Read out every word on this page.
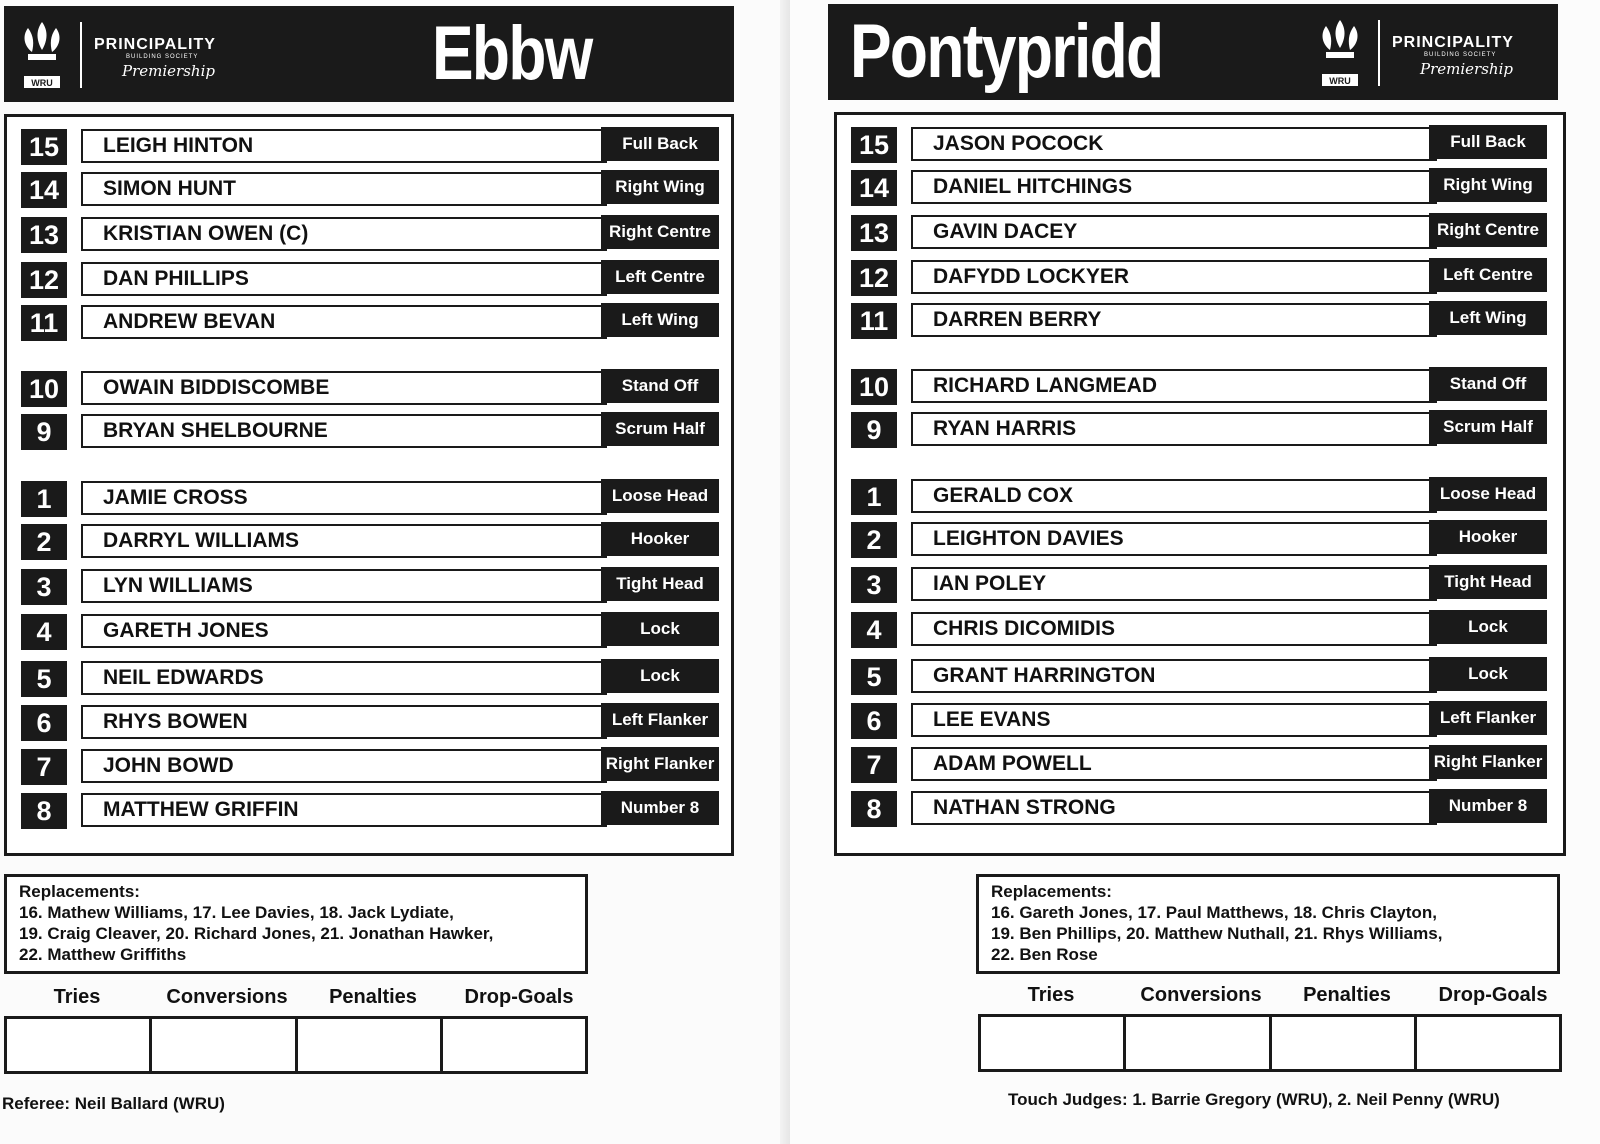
WRU
PRINCIPALITY
BUILDING SOCIETY
Premiership	Ebbw
15	LEIGH HINTON	Full Back
14	SIMON HUNT	Right Wing
13	KRISTIAN OWEN (C)	Right Centre
12	DAN PHILLIPS	Left Centre
11	ANDREW BEVAN	Left Wing
10	OWAIN BIDDISCOMBE	Stand Off
9	BRYAN SHELBOURNE	Scrum Half
1	JAMIE CROSS	Loose Head
2	DARRYL WILLIAMS	Hooker
3	LYN WILLIAMS	Tight Head
4	GARETH JONES	Lock
5	NEIL EDWARDS	Lock
6	RHYS BOWEN	Left Flanker
7	JOHN BOWD	Right Flanker
8	MATTHEW GRIFFIN	Number 8
Replacements:
16. Mathew Williams, 17. Lee Davies, 18. Jack Lydiate,
19. Craig Cleaver, 20. Richard Jones, 21. Jonathan Hawker,
22. Matthew Griffiths
Tries	Conversions	Penalties	Drop-Goals
Referee: Neil Ballard (WRU)
Pontypridd	WRU
PRINCIPALITY
BUILDING SOCIETY
Premiership
15	JASON POCOCK	Full Back
14	DANIEL HITCHINGS	Right Wing
13	GAVIN DACEY	Right Centre
12	DAFYDD LOCKYER	Left Centre
11	DARREN BERRY	Left Wing
10	RICHARD LANGMEAD	Stand Off
9	RYAN HARRIS	Scrum Half
1	GERALD COX	Loose Head
2	LEIGHTON DAVIES	Hooker
3	IAN POLEY	Tight Head
4	CHRIS DICOMIDIS	Lock
5	GRANT HARRINGTON	Lock
6	LEE EVANS	Left Flanker
7	ADAM POWELL	Right Flanker
8	NATHAN STRONG	Number 8
Replacements:
16. Gareth Jones, 17. Paul Matthews, 18. Chris Clayton,
19. Ben Phillips, 20. Matthew Nuthall, 21. Rhys Williams,
22. Ben Rose
Tries	Conversions	Penalties	Drop-Goals
Touch Judges: 1. Barrie Gregory (WRU), 2. Neil Penny (WRU)
